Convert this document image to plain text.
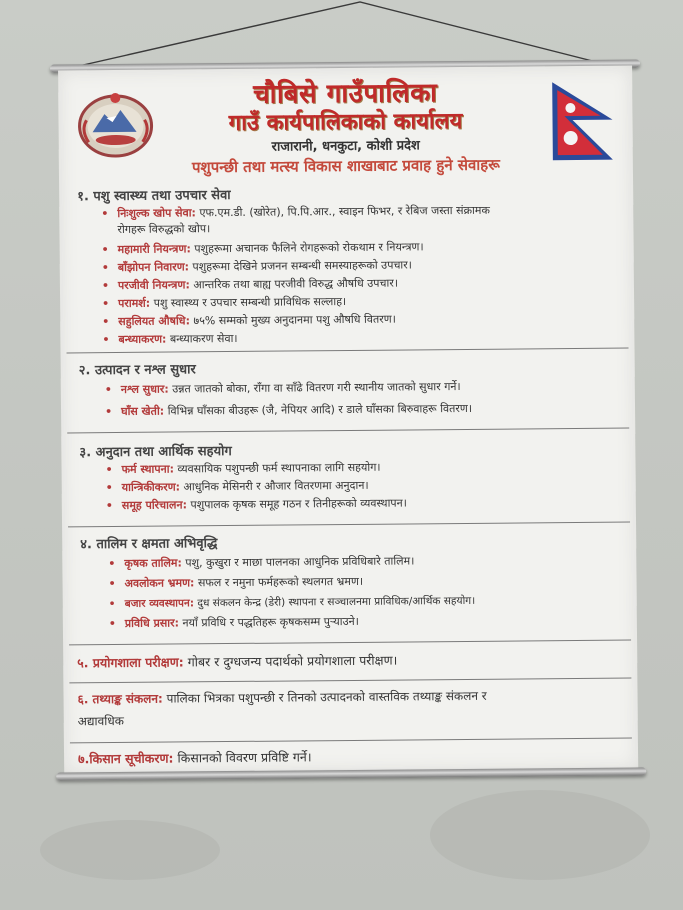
चौबिसे गाउँपालिका
गाउँ कार्यपालिकाको कार्यालय
राजारानी, धनकुटा, कोशी प्रदेश
पशुपन्छी तथा मत्स्य विकास शाखाबाट प्रवाह हुने सेवाहरू
१. पशु स्वास्थ्य तथा उपचार सेवा
• निःशुल्क खोप सेवा: एफ.एम.डी. (खोरेत), पि.पि.आर., स्वाइन फिभर, र रेबिज जस्ता संक्रामक
रोगहरू विरुद्धको खोप।
• महामारी नियन्त्रण: पशुहरूमा अचानक फैलिने रोगहरूको रोकथाम र नियन्त्रण।
• बाँझोपन निवारण: पशुहरूमा देखिने प्रजनन सम्बन्धी समस्याहरूको उपचार।
• परजीवी नियन्त्रण: आन्तरिक तथा बाह्य परजीवी विरुद्ध औषधि उपचार।
• परामर्श: पशु स्वास्थ्य र उपचार सम्बन्धी प्राविधिक सल्लाह।
• सहुलियत औषधि: ७५% सम्मको मुख्य अनुदानमा पशु औषधि वितरण।
• बन्ध्याकरण: बन्ध्याकरण सेवा।
२. उत्पादन र नश्ल सुधार
• नश्ल सुधार: उन्नत जातको बोका, राँगा वा साँढे वितरण गरी स्थानीय जातको सुधार गर्ने।
• घाँस खेती: विभिन्न घाँसका बीउहरू (जै, नेपियर आदि) र डाले घाँसका बिरुवाहरू वितरण।
३. अनुदान तथा आर्थिक सहयोग
• फर्म स्थापना: व्यवसायिक पशुपन्छी फर्म स्थापनाका लागि सहयोग।
• यान्त्रिकीकरण: आधुनिक मेसिनरी र औजार वितरणमा अनुदान।
• समूह परिचालन: पशुपालक कृषक समूह गठन र तिनीहरूको व्यवस्थापन।
४. तालिम र क्षमता अभिवृद्धि
• कृषक तालिम: पशु, कुखुरा र माछा पालनका आधुनिक प्रविधिबारे तालिम।
• अवलोकन भ्रमण: सफल र नमुना फर्महरूको स्थलगत भ्रमण।
• बजार व्यवस्थापन: दुध संकलन केन्द्र (डेरी) स्थापना र सञ्चालनमा प्राविधिक/आर्थिक सहयोग।
• प्रविधि प्रसार: नयाँ प्रविधि र पद्धतिहरू कृषकसम्म पुऱ्याउने।
५. प्रयोगशाला परीक्षण: गोबर र दुग्धजन्य पदार्थको प्रयोगशाला परीक्षण।
६. तथ्याङ्क संकलन: पालिका भित्रका पशुपन्छी र तिनको उत्पादनको वास्तविक तथ्याङ्क संकलन र
अद्यावधिक
७.किसान सूचीकरण: किसानको विवरण प्रविष्टि गर्ने।
